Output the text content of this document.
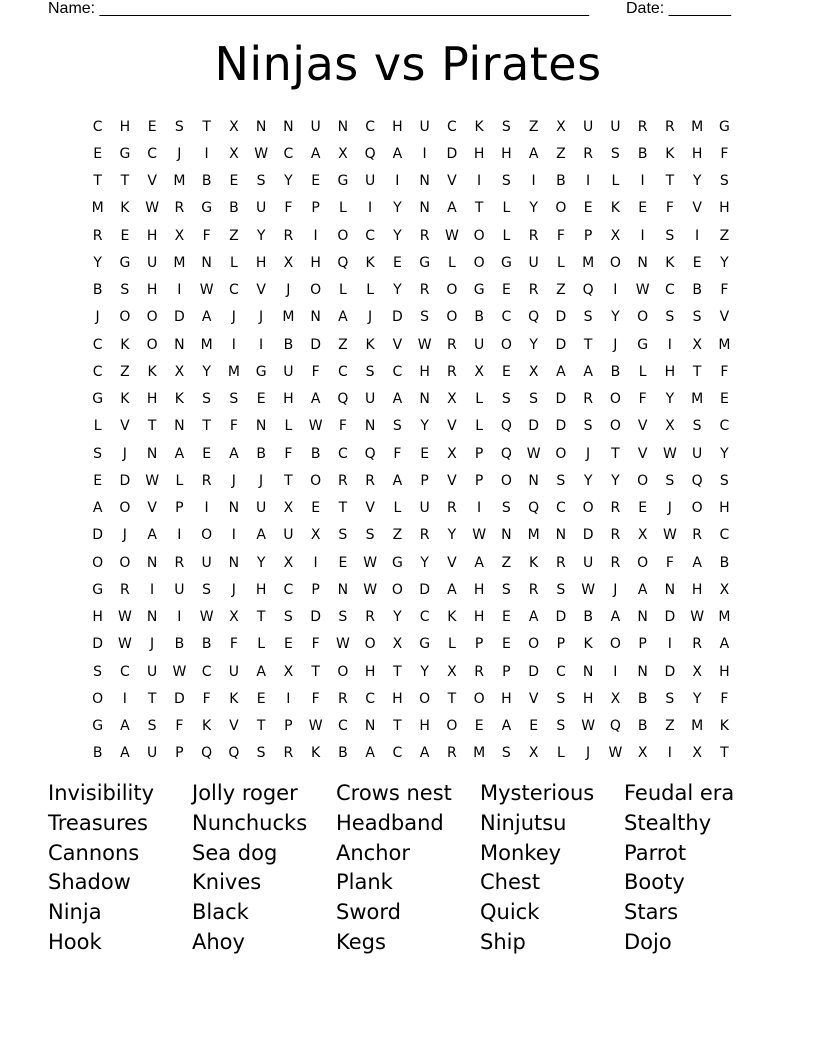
Name: _______________________________________________________ Date: _______
Ninjas vs Pirates
C	H	E	S	T	X	N	N	U	N	C	H	U	C	K	S	Z	X	U	U	R	R	M	G
E	G	C	J	I	X	W	C	A	X	Q	A	I	D	H	H	A	Z	R	S	B	K	H	F
T	T	V	M	B	E	S	Y	E	G	U	I	N	V	I	S	I	B	I	L	I	T	Y	S
M	K	W	R	G	B	U	F	P	L	I	Y	N	A	T	L	Y	O	E	K	E	F	V	H
R	E	H	X	F	Z	Y	R	I	O	C	Y	R	W	O	L	R	F	P	X	I	S	I	Z
Y	G	U	M	N	L	H	X	H	Q	K	E	G	L	O	G	U	L	M	O	N	K	E	Y
B	S	H	I	W	C	V	J	O	L	L	Y	R	O	G	E	R	Z	Q	I	W	C	B	F
J	O	O	D	A	J	J	M	N	A	J	D	S	O	B	C	Q	D	S	Y	O	S	S	V
C	K	O	N	M	I	I	B	D	Z	K	V	W	R	U	O	Y	D	T	J	G	I	X	M
C	Z	K	X	Y	M	G	U	F	C	S	C	H	R	X	E	X	A	A	B	L	H	T	F
G	K	H	K	S	S	E	H	A	Q	U	A	N	X	L	S	S	D	R	O	F	Y	M	E
L	V	T	N	T	F	N	L	W	F	N	S	Y	V	L	Q	D	D	S	O	V	X	S	C
S	J	N	A	E	A	B	F	B	C	Q	F	E	X	P	Q	W	O	J	T	V	W	U	Y
E	D	W	L	R	J	J	T	O	R	R	A	P	V	P	O	N	S	Y	Y	O	S	Q	S
A	O	V	P	I	N	U	X	E	T	V	L	U	R	I	S	Q	C	O	R	E	J	O	H
D	J	A	I	O	I	A	U	X	S	S	Z	R	Y	W	N	M	N	D	R	X	W	R	C
O	O	N	R	U	N	Y	X	I	E	W	G	Y	V	A	Z	K	R	U	R	O	F	A	B
G	R	I	U	S	J	H	C	P	N	W	O	D	A	H	S	R	S	W	J	A	N	H	X
H	W	N	I	W	X	T	S	D	S	R	Y	C	K	H	E	A	D	B	A	N	D	W	M
D	W	J	B	B	F	L	E	F	W	O	X	G	L	P	E	O	P	K	O	P	I	R	A
S	C	U	W	C	U	A	X	T	O	H	T	Y	X	R	P	D	C	N	I	N	D	X	H
O	I	T	D	F	K	E	I	F	R	C	H	O	T	O	H	V	S	H	X	B	S	Y	F
G	A	S	F	K	V	T	P	W	C	N	T	H	O	E	A	E	S	W	Q	B	Z	M	K
B	A	U	P	Q	Q	S	R	K	B	A	C	A	R	M	S	X	L	J	W	X	I	X	T
Invisibility	Jolly roger	Crows nest	Mysterious	Feudal era
Treasures	Nunchucks	Headband	Ninjutsu	Stealthy
Cannons	Sea dog	Anchor	Monkey	Parrot
Shadow	Knives	Plank	Chest	Booty
Ninja	Black	Sword	Quick	Stars
Hook	Ahoy	Kegs	Ship	Dojo
